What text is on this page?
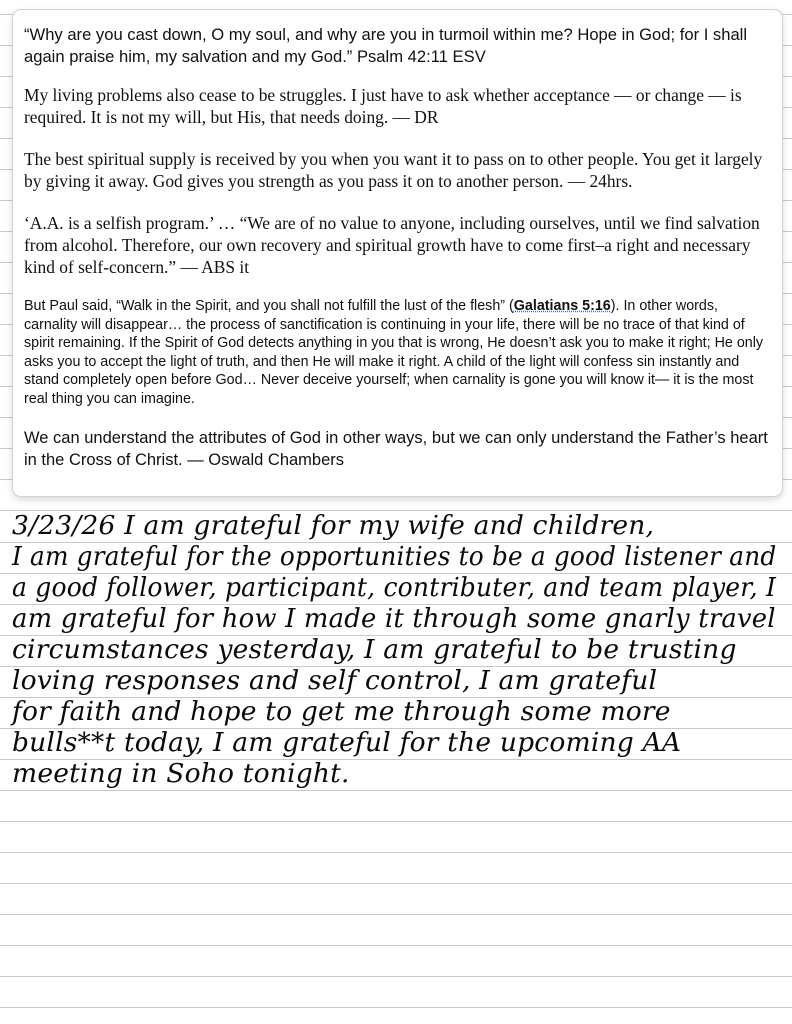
“Why are you cast down, O my soul, and why are you in turmoil within me? Hope in God; for I shall again praise him, my salvation and my God.” Psalm 42:11 ESV

My living problems also cease to be struggles. I just have to ask whether acceptance — or change — is required. It is not my will, but His, that needs doing. — DR

The best spiritual supply is received by you when you want it to pass on to other people. You get it largely by giving it away. God gives you strength as you pass it on to another person. — 24hrs.

‘A.A. is a selfish program.’ … “We are of no value to anyone, including ourselves, until we find salvation from alcohol. Therefore, our own recovery and spiritual growth have to come first–a right and necessary kind of self-concern.” — ABS it

But Paul said, “Walk in the Spirit, and you shall not fulfill the lust of the flesh” (Galatians 5:16). In other words, carnality will disappear… the process of sanctification is continuing in your life, there will be no trace of that kind of spirit remaining. If the Spirit of God detects anything in you that is wrong, He doesn’t ask you to make it right; He only asks you to accept the light of truth, and then He will make it right. A child of the light will confess sin instantly and stand completely open before God… Never deceive yourself; when carnality is gone you will know it— it is the most real thing you can imagine.

We can understand the attributes of God in other ways, but we can only understand the Father’s heart in the Cross of Christ. — Oswald Chambers

3/23/26 I am grateful for my wife and children,
I am grateful for the opportunities to be a good listener and
a good follower, participant, contributer, and team player, I
am grateful for how I made it through some gnarly travel
circumstances yesterday, I am grateful to be trusting
loving responses and self control, I am grateful
for faith and hope to get me through some more
bulls**t today, I am grateful for the upcoming AA
meeting in Soho tonight.
